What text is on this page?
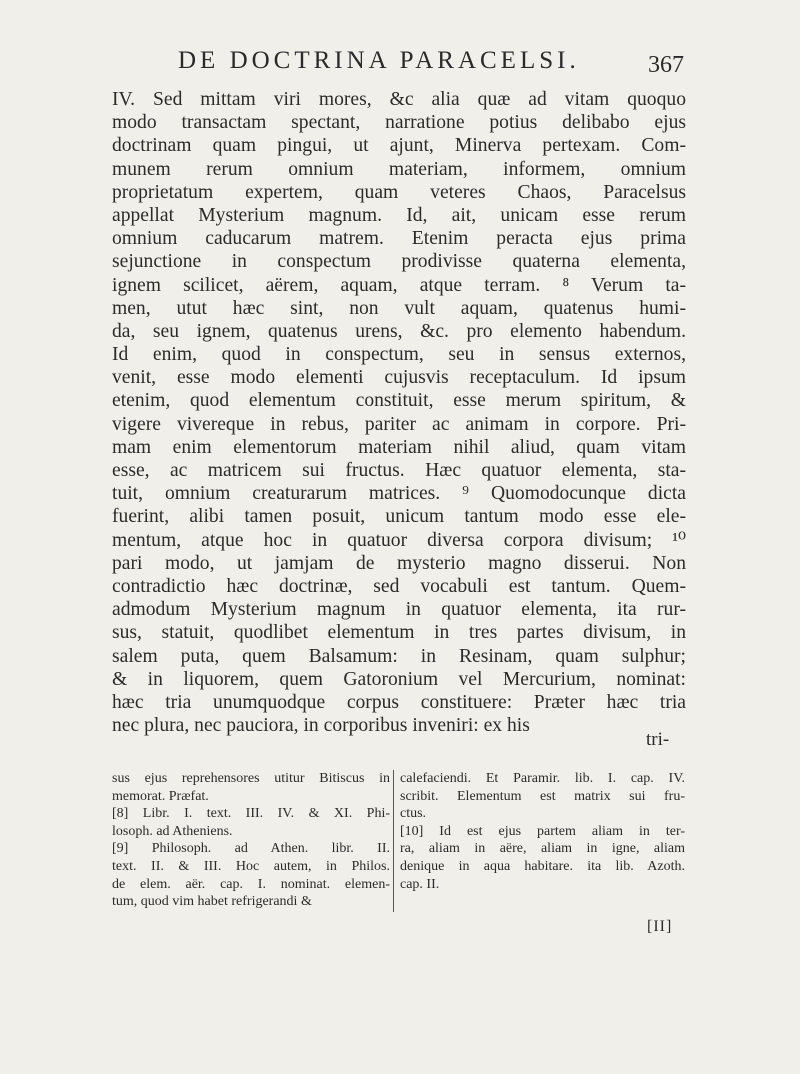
DE DOCTRINA PARACELSI.	367
IV. Sed mittam viri mores, &c alia quæ ad vitam quoquo
modo transactam spectant, narratione potius delibabo ejus
doctrinam quam pingui, ut ajunt, Minerva pertexam. Com-
munem rerum omnium materiam, informem, omnium
proprietatum expertem, quam veteres Chaos, Paracelsus
appellat Mysterium magnum. Id, ait, unicam esse rerum
omnium caducarum matrem. Etenim peracta ejus prima
sejunctione in conspectum prodivisse quaterna elementa,
ignem scilicet, aërem, aquam, atque terram. ⁸ Verum ta-
men, utut hæc sint, non vult aquam, quatenus humi-
da, seu ignem, quatenus urens, &c. pro elemento habendum.
Id enim, quod in conspectum, seu in sensus externos,
venit, esse modo elementi cujusvis receptaculum. Id ipsum
etenim, quod elementum constituit, esse merum spiritum, &
vigere vivereque in rebus, pariter ac animam in corpore. Pri-
mam enim elementorum materiam nihil aliud, quam vitam
esse, ac matricem sui fructus. Hæc quatuor elementa, sta-
tuit, omnium creaturarum matrices. ⁹ Quomodocunque dicta
fuerint, alibi tamen posuit, unicum tantum modo esse ele-
mentum, atque hoc in quatuor diversa corpora divisum; ¹⁰
pari modo, ut jamjam de mysterio magno disserui. Non
contradictio hæc doctrinæ, sed vocabuli est tantum. Quem-
admodum Mysterium magnum in quatuor elementa, ita rur-
sus, statuit, quodlibet elementum in tres partes divisum, in
salem puta, quem Balsamum: in Resinam, quam sulphur;
& in liquorem, quem Gatoronium vel Mercurium, nominat:
hæc tria unumquodque corpus constituere: Præter hæc tria
nec plura, nec pauciora, in corporibus inveniri: ex his
tri-
sus ejus reprehensores utitur Bitiscus in
memorat. Præfat.
[8] Libr. I. text. III. IV. & XI. Phi-
losoph. ad Atheniens.
[9] Philosoph. ad Athen. libr. II.
text. II. & III. Hoc autem, in Philos.
de elem. aër. cap. I. nominat. elemen-
tum, quod vim habet refrigerandi &
calefaciendi. Et Paramir. lib. I. cap. IV.
scribit. Elementum est matrix sui fru-
ctus.
[10] Id est ejus partem aliam in ter-
ra, aliam in aëre, aliam in igne, aliam
denique in aqua habitare. ita lib. Azoth.
cap. II.
[II]
